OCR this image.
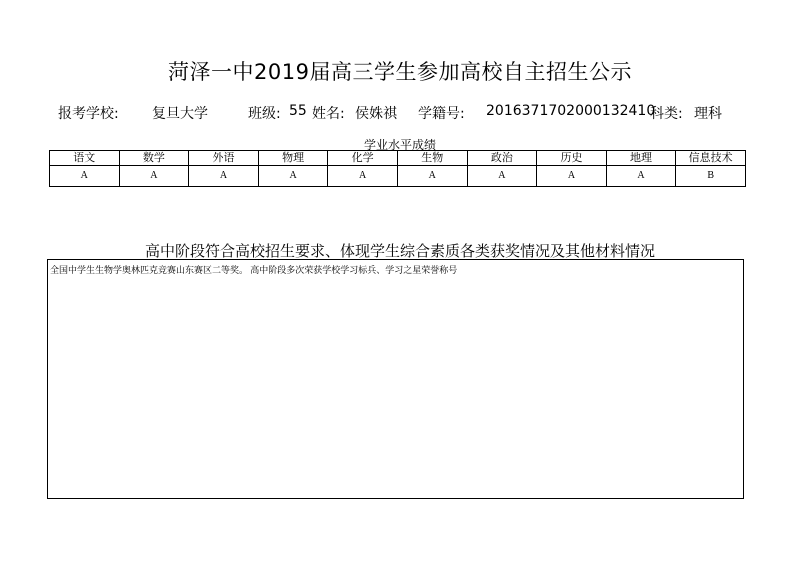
菏泽一中2019届高三学生参加高校自主招生公示
报考学校: 复旦大学	班级: 55 姓名: 侯姝祺 学籍号: 2016371702000132410
科类: 理科
学业水平成绩
语文	数学	外语	物理	化学	生物	政治	历史	地理	信息技术
A	A	A	A	A	A	A	A	A	B
高中阶段符合高校招生要求、体现学生综合素质各类获奖情况及其他材料情况
全国中学生生物学奥林匹克竞赛山东赛区二等奖。 高中阶段多次荣获学校学习标兵、学习之星荣誉称号
